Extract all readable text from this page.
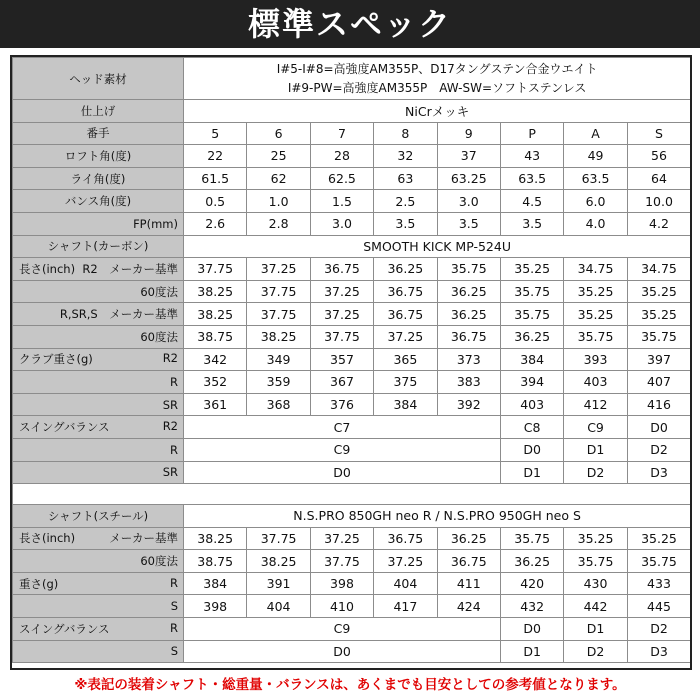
標準スペック
ヘッド素材	I#5-I#8=高強度AM355P、D17タングステン合金ウエイト
I#9-PW=高強度AM355P　AW-SW=ソフトステンレス							

仕上げ	NiCrメッキ							
番手	5	6	7	8	9	P	A	S
ロフト角(度)	22	25	28	32	37	43	49	56
ライ角(度)	61.5	62	62.5	63	63.25	63.5	63.5	64
バンス角(度)	0.5	1.0	1.5	2.5	3.0	4.5	6.0	10.0
FP(mm)	2.6	2.8	3.0	3.5	3.5	3.5	4.0	4.2
シャフト(カーボン)	SMOOTH KICK MP-524U							

長さ(inch) R2　メーカー基準	37.75	37.25	36.75	36.25	35.75	35.25	34.75	34.75
60度法	38.25	37.75	37.25	36.75	36.25	35.75	35.25	35.25
R,SR,S　メーカー基準	38.25	37.75	37.25	36.75	36.25	35.75	35.25	35.25
60度法	38.75	38.25	37.75	37.25	36.75	36.25	35.75	35.75

クラブ重さ(g) R2	342	349	357	365	373	384	393	397
R	352	359	367	375	383	394	403	407
SR	361	368	376	384	392	403	412	416

スイングバランス R2	C7					C8	C9	D0
R	C9					D0	D1	D2
SR	D0					D1	D2	D3

シャフト(スチール)	N.S.PRO 850GH neo R / N.S.PRO 950GH neo S							

長さ(inch) メーカー基準	38.25	37.75	37.25	36.75	36.25	35.75	35.25	35.25
60度法	38.75	38.25	37.75	37.25	36.75	36.25	35.75	35.75

重さ(g) R	384	391	398	404	411	420	430	433
S	398	404	410	417	424	432	442	445

スイングバランス R	C9					D0	D1	D2
S	D0					D1	D2	D3
※表記の装着シャフト・総重量・バランスは、あくまでも目安としての参考値となります。
